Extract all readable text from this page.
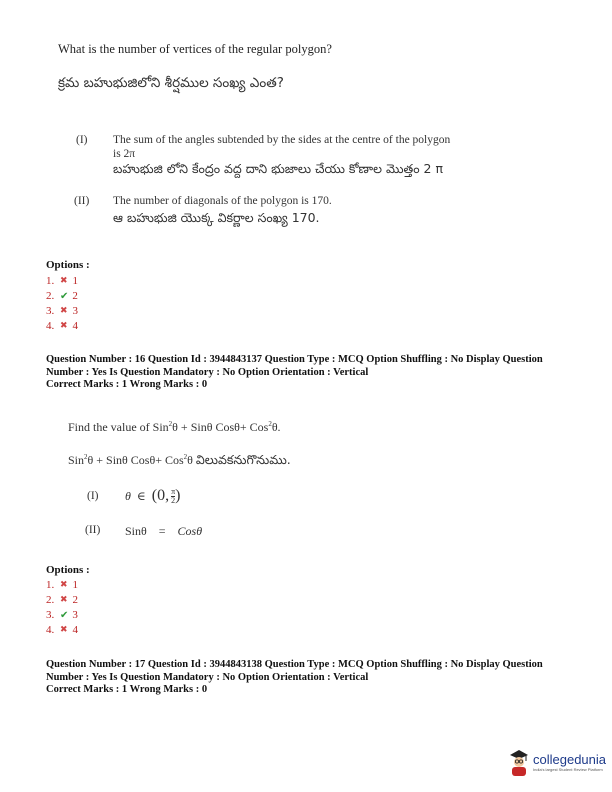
What is the number of vertices of the regular polygon?
క్రమ బహుభుజిలోని శీర్షముల సంఖ్య ఎంత?
(I) The sum of the angles subtended by the sides at the centre of the polygon
is 2π
బహుభుజి లోని కేంద్రం వద్ద దాని భుజాలు చేయు కోణాల మొత్తం 2 π
(II) The number of diagonals of the polygon is 170.
ఆ బహుభుజి యొక్క వికర్ణాల సంఖ్య 170.
Options :
1. ✖ 1
2. ✔ 2
3. ✖ 3
4. ✖ 4
Question Number : 16 Question Id : 3944843137 Question Type : MCQ Option Shuffling : No Display Question
Number : Yes Is Question Mandatory : No Option Orientation : Vertical
Correct Marks : 1 Wrong Marks : 0
Find the value of Sin$^2$θ + Sinθ Cosθ+ Cos$^2$θ.
Sin$^2$θ + Sinθ Cosθ+ Cos$^2$θ విలువకనుగొనుము.
(I) θ ∈ (0, π
2 )
(II) Sinθ = Cosθ
Options :
1. ✖ 1
2. ✖ 2
3. ✔ 3
4. ✖ 4
Question Number : 17 Question Id : 3944843138 Question Type : MCQ Option Shuffling : No Display Question
Number : Yes Is Question Mandatory : No Option Orientation : Vertical
Correct Marks : 1 Wrong Marks : 0
collegedunia
India's largest Student Review Platform
